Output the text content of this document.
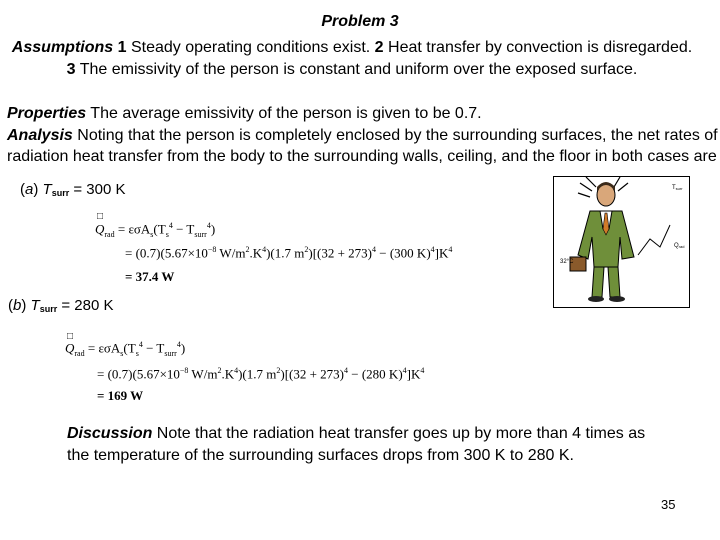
Problem 3
Assumptions 1 Steady operating conditions exist. 2 Heat transfer by convection is disregarded. 3 The emissivity of the person is constant and uniform over the exposed surface.
Properties The average emissivity of the person is given to be 0.7.
Analysis Noting that the person is completely enclosed by the surrounding surfaces, the net rates of radiation heat transfer from the body to the surrounding walls, ceiling, and the floor in both cases are
(a) Tsurr = 300 K
□
$Q_{rad} = \varepsilon\sigma A_s(T_s^4 - T_{surr}^4)$
= $(0.7)(5.67\times 10^{-8}$ $W/m^2.K^4)(1.7$ $m^2)[(32 + 273)^4 - (300$ $K)^4]K^4$
= 37.4 W
Tsurr
Qrad
32°C
(b) Tsurr = 280 K
□
$Q_{rad} = \varepsilon\sigma A_s(T_s^4 - T_{surr}^4)$
= $(0.7)(5.67\times 10^{-8}$ $W/m^2.K^4)(1.7$ $m^2)[(32 + 273)^4 - (280$ $K)^4]K^4$
= 169 W
Discussion Note that the radiation heat transfer goes up by more than 4 times as the temperature of the surrounding surfaces drops from 300 K to 280 K.
35
